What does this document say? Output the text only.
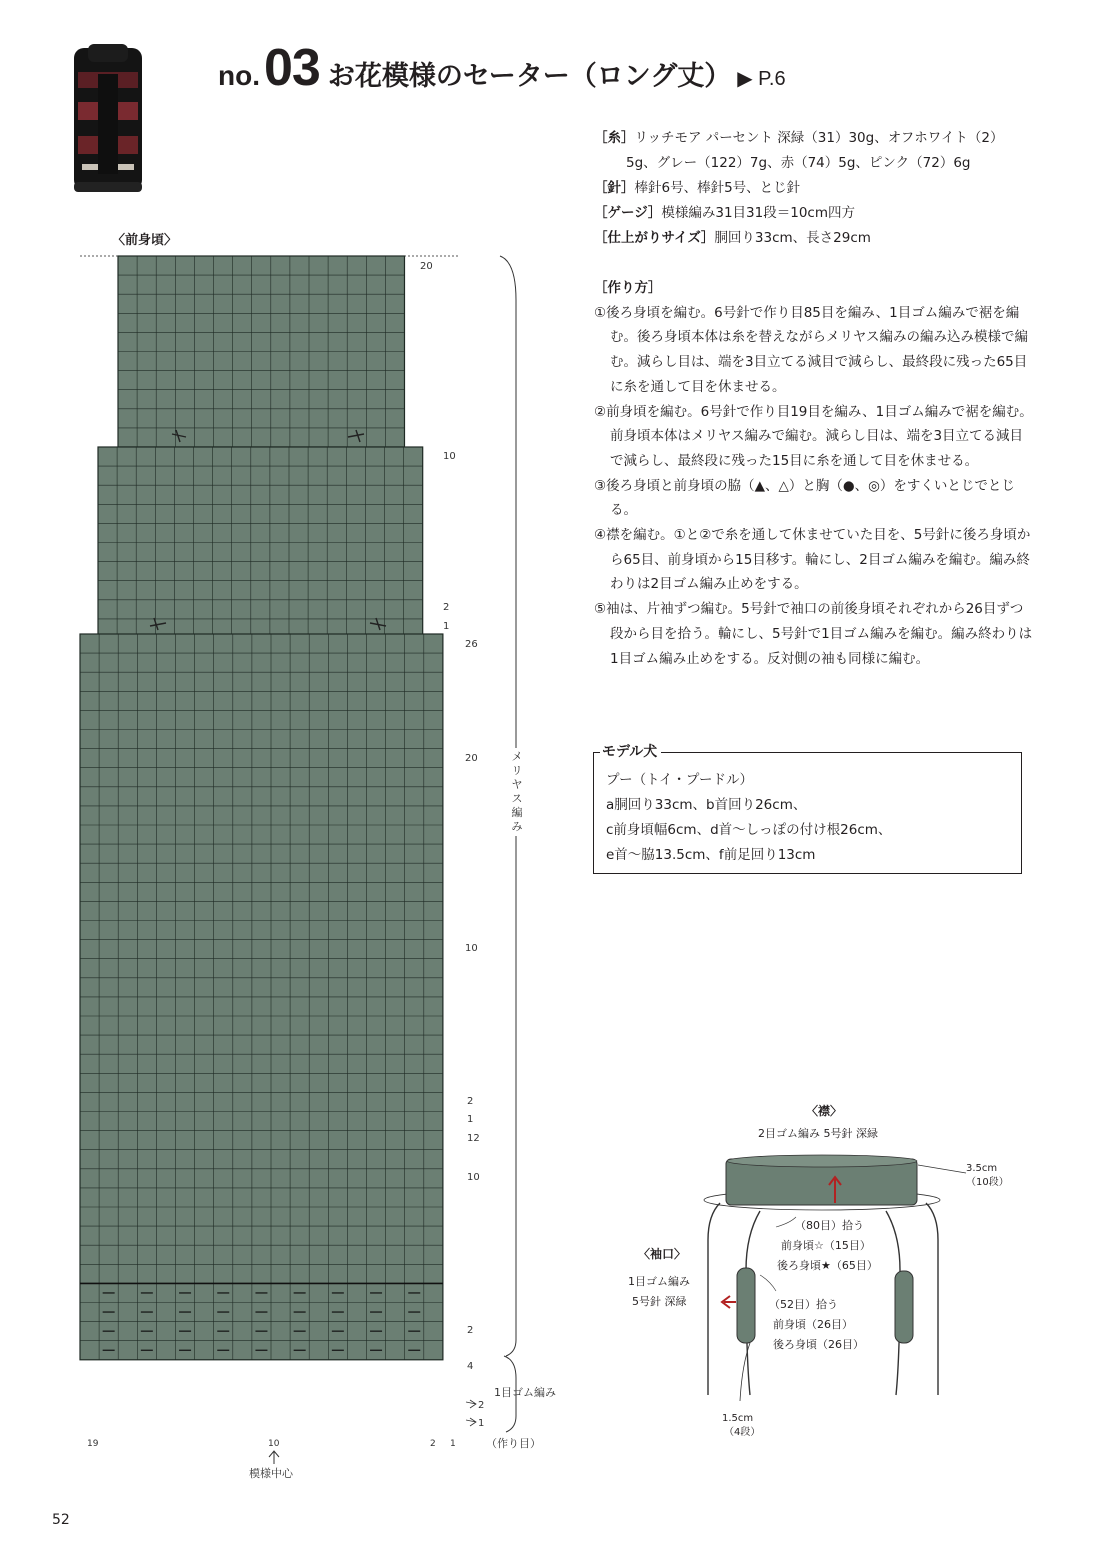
no. 03 お花模様のセーター（ロング丈） ▶ P.6
［糸］リッチモア パーセント 深緑（31）30g、オフホワイト（2）
5g、グレー（122）7g、赤（74）5g、ピンク（72）6g
［針］棒針6号、棒針5号、とじ針
［ゲージ］模様編み31目31段＝10cm四方
［仕上がりサイズ］胴回り33cm、長さ29cm
［作り方］
①後ろ身頃を編む。6号針で作り目85目を編み、1目ゴム編みで裾を編む。後ろ身頃本体は糸を替えながらメリヤス編みの編み込み模様で編む。減らし目は、端を3目立てる減目で減らし、最終段に残った65目に糸を通して目を休ませる。
②前身頃を編む。6号針で作り目19目を編み、1目ゴム編みで裾を編む。前身頃本体はメリヤス編みで編む。減らし目は、端を3目立てる減目で減らし、最終段に残った15目に糸を通して目を休ませる。
③後ろ身頃と前身頃の脇（▲、△）と胸（●、◎）をすくいとじでとじる。
④襟を編む。①と②で糸を通して休ませていた目を、5号針に後ろ身頃から65目、前身頃から15目移す。輪にし、2目ゴム編みを編む。編み終わりは2目ゴム編み止めをする。
⑤袖は、片袖ずつ編む。5号針で袖口の前後身頃それぞれから26目ずつ段から目を拾う。輪にし、5号針で1目ゴム編みを編む。編み終わりは1目ゴム編み止めをする。反対側の袖も同様に編む。
モデル犬
プー（トイ・プードル）
a胴回り33cm、b首回り26cm、
c前身頃幅6cm、d首〜しっぽの付け根26cm、
e首〜脇13.5cm、f前足回り13cm
〈前身頃〉
20
10
2
1
26
20
10
2
1
12
10
2
4
2
1
19	10	2 1
模様中心
メ
リ
ヤ
ス
編
み
1目ゴム編み
（作り目）
〈襟〉
2目ゴム編み 5号針 深緑
3.5cm
（10段）
（80目）拾う
前身頃☆（15目）
後ろ身頃★（65目）
〈袖口〉
1目ゴム編み
5号針 深緑	（52目）拾う
前身頃（26目）
後ろ身頃（26目）
1.5cm
（4段）
52
